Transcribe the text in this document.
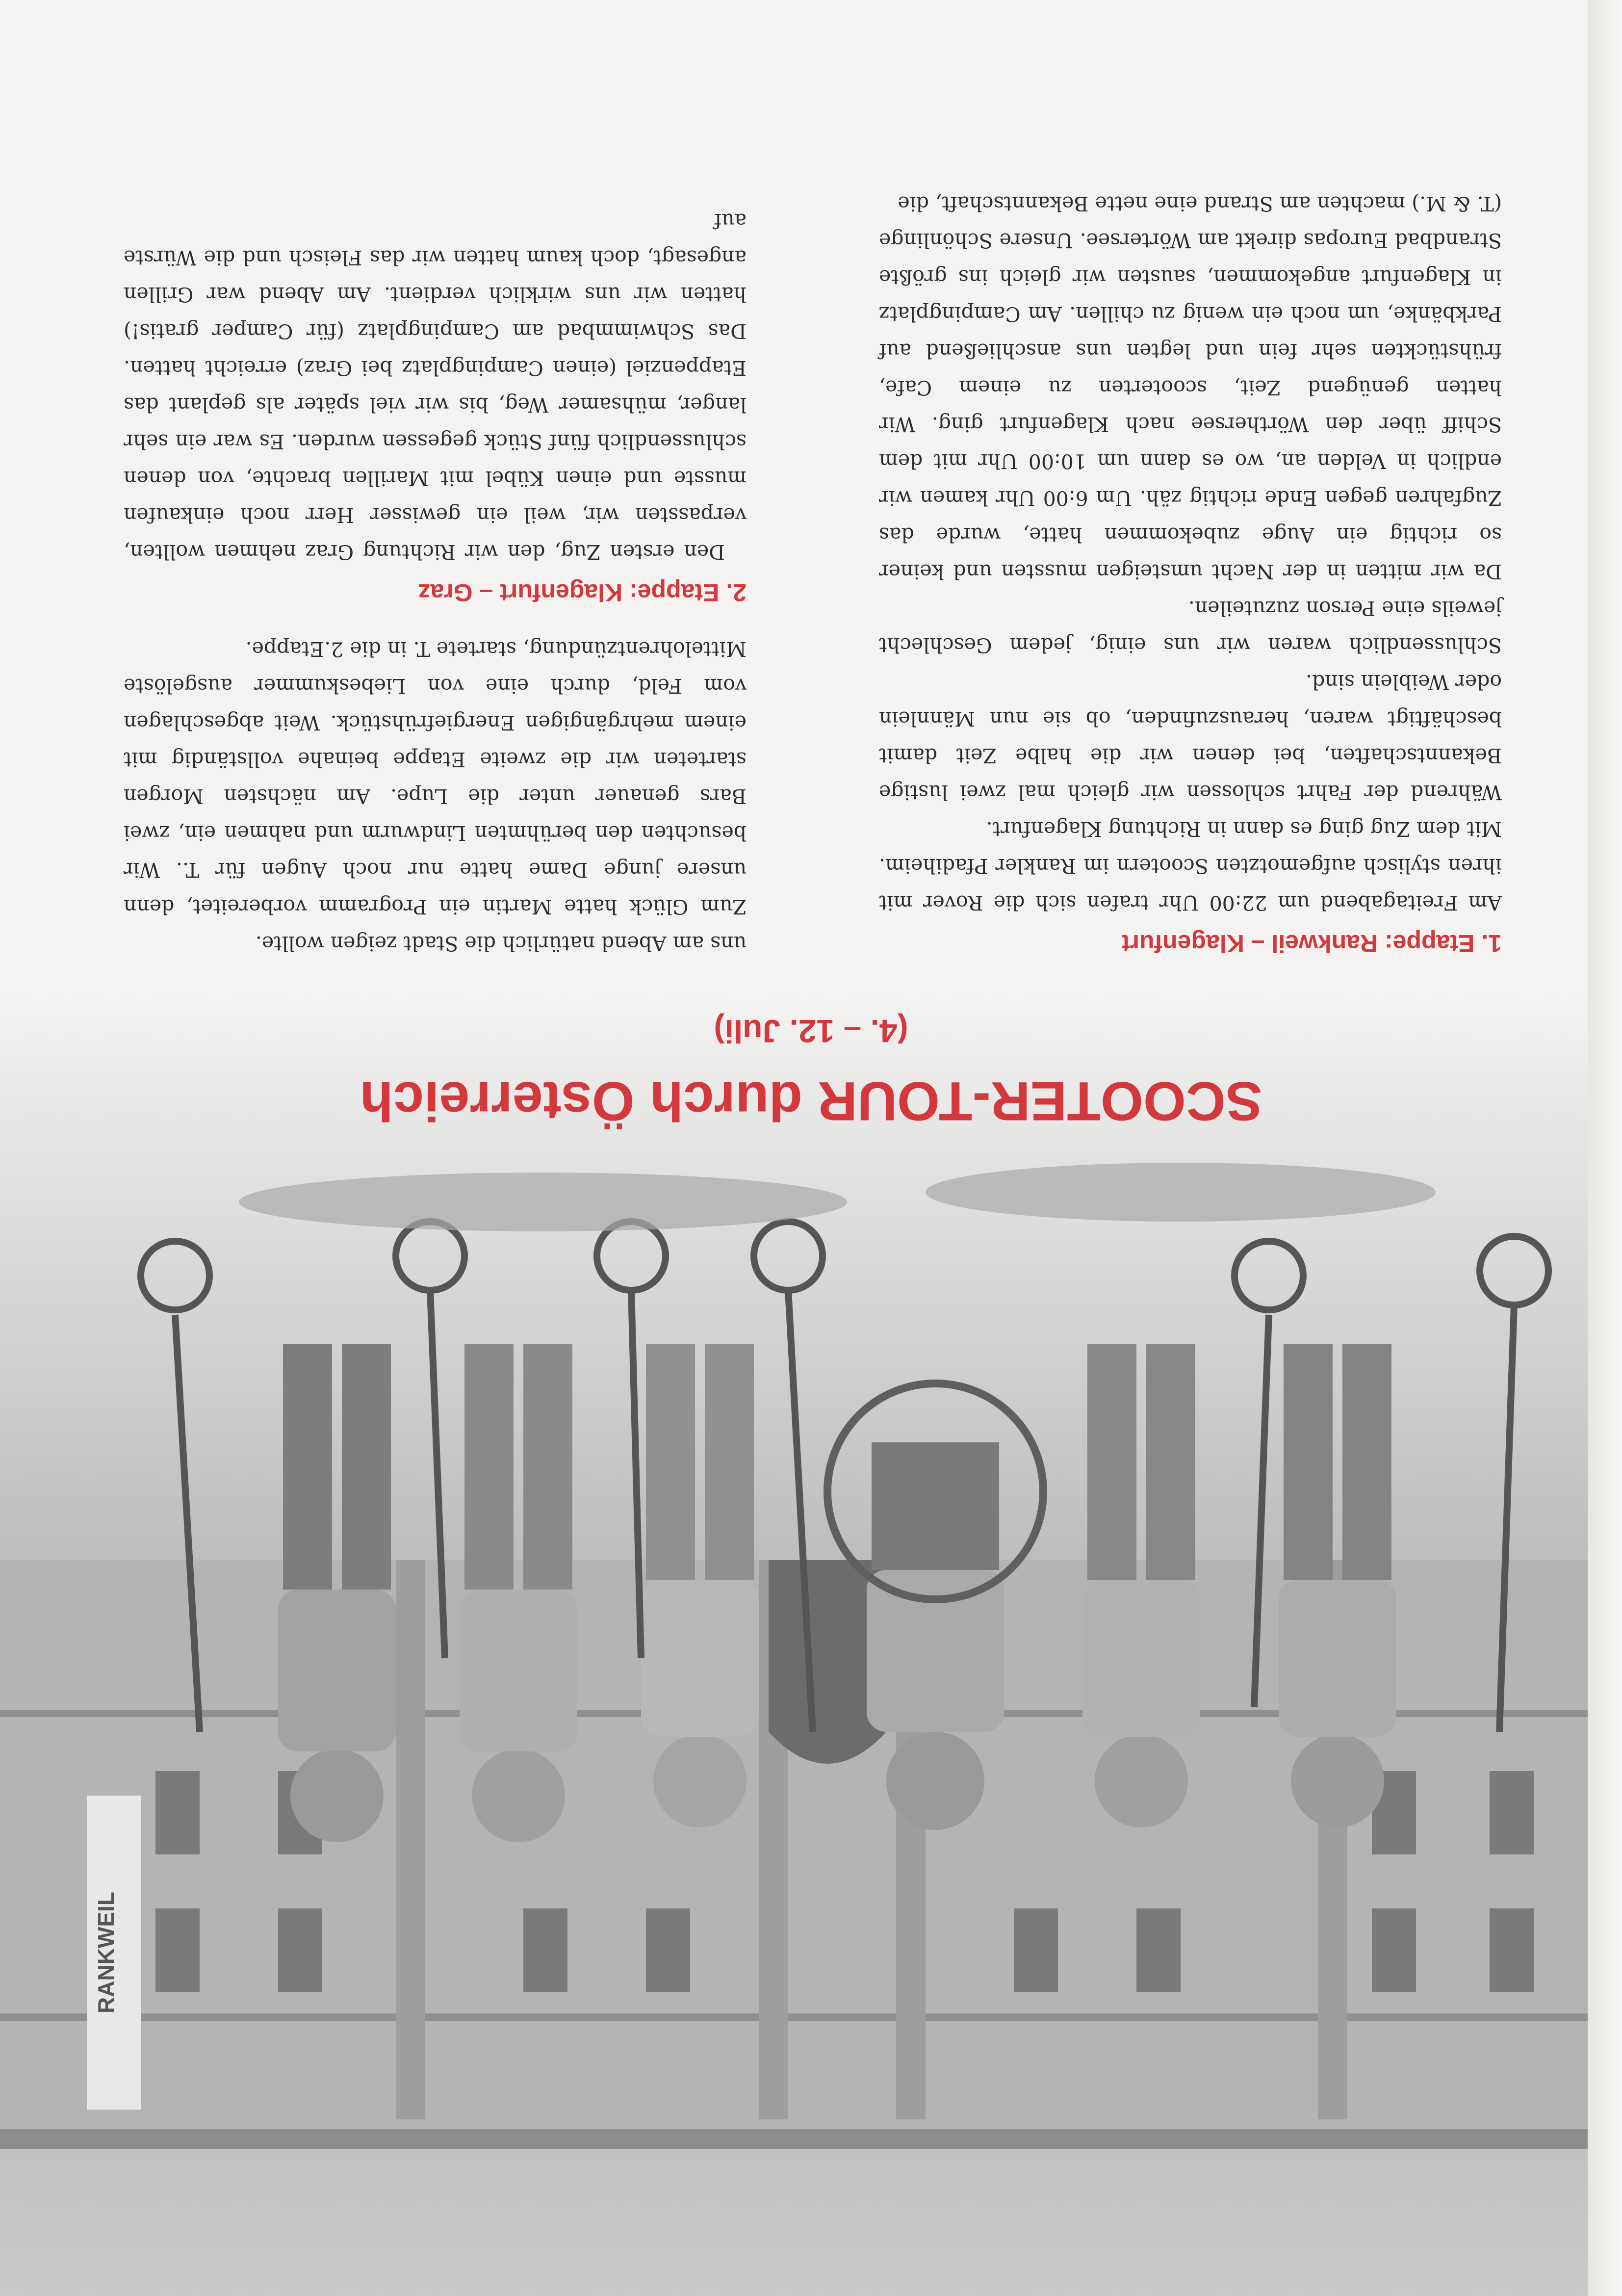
RANKWEIL
SCOOTER-TOUR durch Österreich
(4. – 12. Juli)
1. Etappe: Rankweil – Klagenfurt

Am Freitagabend um 22:00 Uhr trafen sich die Rover mit ihren stylisch aufgemotzten Scootern im Rankler Pfadiheim. Mit dem Zug ging es dann in Richtung Klagenfurt.

Während der Fahrt schlossen wir gleich mal zwei lustige Bekanntschaften, bei denen wir die halbe Zeit damit beschäftigt waren, herauszufinden, ob sie nun Männlein oder Weiblein sind.

Schlussendlich waren wir uns einig, jedem Geschlecht jeweils eine Person zuzuteilen.

Da wir mitten in der Nacht umsteigen mussten und keiner so richtig ein Auge zubekommen hatte, wurde das Zugfahren gegen Ende richtig zäh. Um 6:00 Uhr kamen wir endlich in Velden an, wo es dann um 10:00 Uhr mit dem Schiff über den Wörthersee nach Klagenfurt ging. Wir hatten genügend Zeit, scooterten zu einem Cafe, frühstückten sehr fein und legten uns anschließend auf Parkbänke, um noch ein wenig zu chillen. Am Campingplatz in Klagenfurt angekommen, sausten wir gleich ins größte Strandbad Europas direkt am Wörtersee. Unsere Schönlinge (T. & M.) machten am Strand eine nette Bekanntschaft, die

uns am Abend natürlich die Stadt zeigen wollte.

Zum Glück hatte Martin ein Programm vorbereitet, denn unsere junge Dame hatte nur noch Augen für T.. Wir besuchten den berühmten Lindwurm und nahmen ein, zwei Bars genauer unter die Lupe. Am nächsten Morgen starteten wir die zweite Etappe beinahe vollständig mit einem mehrgängigen Energiefrühstück. Weit abgeschlagen vom Feld, durch eine von Liebeskummer ausgelöste Mittelohrentzündung, startete T. in die 2.Etappe.

2. Etappe: Klagenfurt – Graz

Den ersten Zug, den wir Richtung Graz nehmen wollten, verpassten wir, weil ein gewisser Herr noch einkaufen musste und einen Kübel mit Marillen brachte, von denen schlussendlich fünf Stück gegessen wurden. Es war ein sehr langer, mühsamer Weg, bis wir viel später als geplant das Etappenziel (einen Campingplatz bei Graz) erreicht hatten. Das Schwimmbad am Campingplatz (für Camper gratis!) hatten wir uns wirklich verdient. Am Abend war Grillen angesagt, doch kaum hatten wir das Fleisch und die Würste auf
